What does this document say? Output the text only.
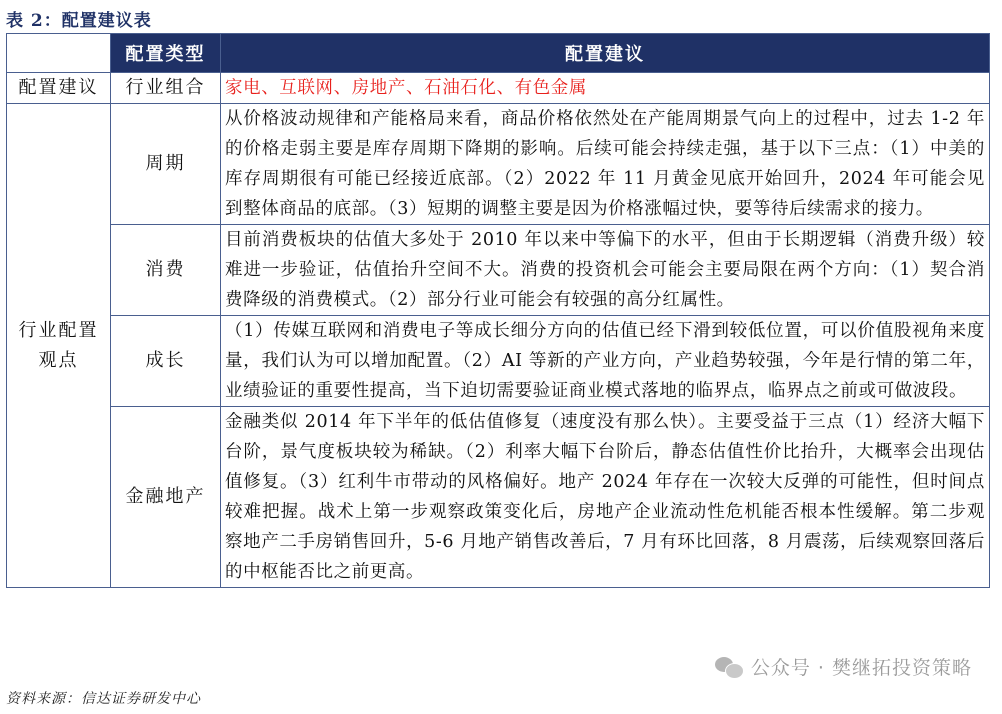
表 2：配置建议表
	配置类型	配置建议
配置建议	行业组合	家电、互联网、房地产、石油石化、有色金属
行业配置观点	周期	从价格波动规律和产能格局来看，商品价格依然处在产能周期景气向上的过程中，过去 1-2 年的价格走弱主要是库存周期下降期的影响。后续可能会持续走强，基于以下三点：（1）中美的库存周期很有可能已经接近底部。（2）2022 年 11 月黄金见底开始回升，2024 年可能会见到整体商品的底部。（3）短期的调整主要是因为价格涨幅过快，要等待后续需求的接力。
	消费	目前消费板块的估值大多处于 2010 年以来中等偏下的水平，但由于长期逻辑（消费升级）较难进一步验证，估值抬升空间不大。消费的投资机会可能会主要局限在两个方向：（1）契合消费降级的消费模式。（2）部分行业可能会有较强的高分红属性。
	成长	（1）传媒互联网和消费电子等成长细分方向的估值已经下滑到较低位置，可以价值股视角来度量，我们认为可以增加配置。（2）AI 等新的产业方向，产业趋势较强，今年是行情的第二年，业绩验证的重要性提高，当下迫切需要验证商业模式落地的临界点，临界点之前或可做波段。
	金融地产	金融类似 2014 年下半年的低估值修复（速度没有那么快）。主要受益于三点（1）经济大幅下台阶，景气度板块较为稀缺。（2）利率大幅下台阶后，静态估值性价比抬升，大概率会出现估值修复。（3）红利牛市带动的风格偏好。地产 2024 年存在一次较大反弹的可能性，但时间点较难把握。战术上第一步观察政策变化后，房地产企业流动性危机能否根本性缓解。第二步观察地产二手房销售回升，5-6 月地产销售改善后，7 月有环比回落，8 月震荡，后续观察回落后的中枢能否比之前更高。
公众号 · 樊继拓投资策略
资料来源：信达证券研发中心
